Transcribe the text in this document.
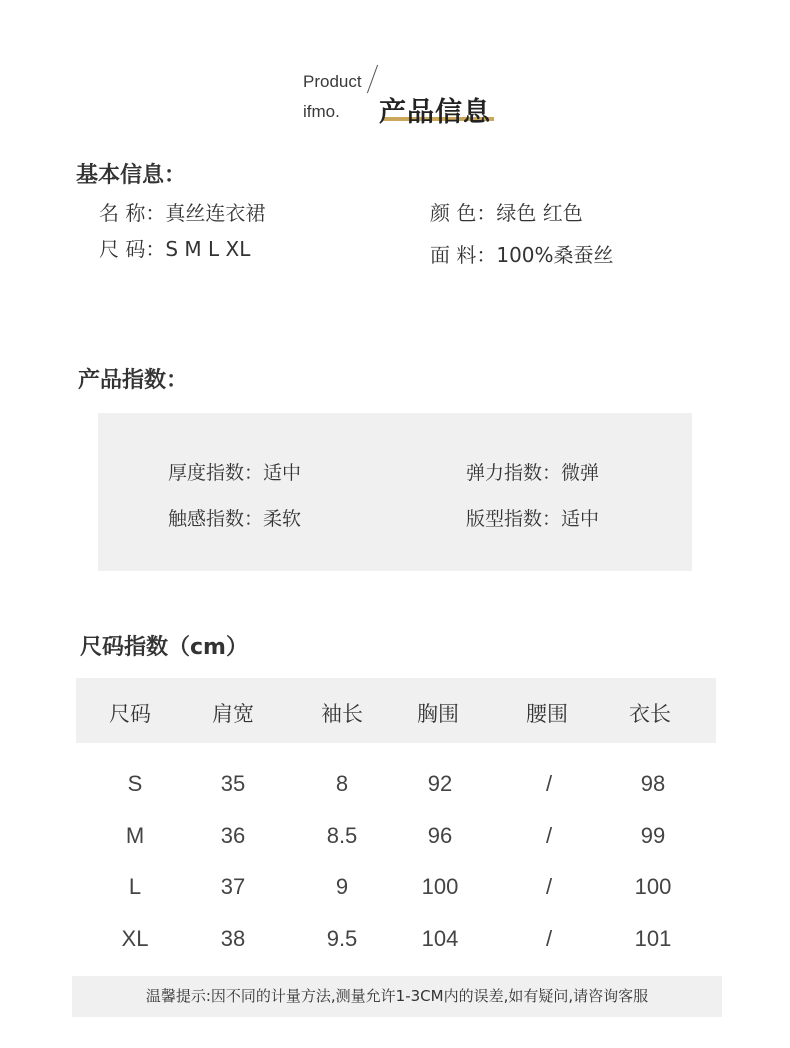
Product
ifmo. 产品信息
基本信息：
名 称：真丝连衣裙	颜 色：绿色 红色
尺 码：S M L XL	面 料：100%桑蚕丝
产品指数：
厚度指数：适中	弹力指数：微弹
触感指数：柔软	版型指数：适中
尺码指数（cm）
尺码	肩宽	袖长	胸围	腰围	衣长
S	35	8	92	/	98
M	36	8.5	96	/	99
L	37	9	100	/	100
XL	38	9.5	104	/	101
温馨提示:因不同的计量方法,测量允许1-3CM内的误差,如有疑问,请咨询客服
